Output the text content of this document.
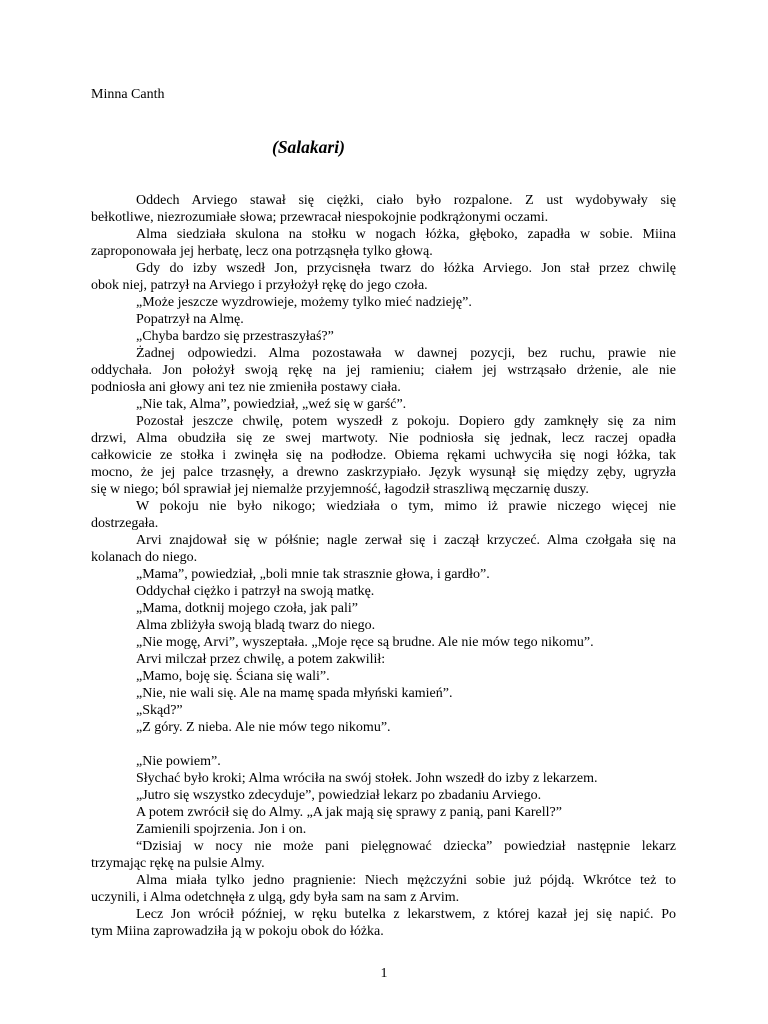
Minna Canth
(Salakari)
Oddech Arviego stawał się ciężki, ciało było rozpalone. Z ust wydobywały się
bełkotliwe, niezrozumiałe słowa; przewracał niespokojnie podkrążonymi oczami.
Alma siedziała skulona na stołku w nogach łóżka, głęboko, zapadła w sobie. Miina
zaproponowała jej herbatę, lecz ona potrząsnęła tylko głową.
Gdy do izby wszedł Jon, przycisnęła twarz do łóżka Arviego. Jon stał przez chwilę
obok niej, patrzył na Arviego i przyłożył rękę do jego czoła.
„Może jeszcze wyzdrowieje, możemy tylko mieć nadzieję”.
Popatrzył na Almę.
„Chyba bardzo się przestraszyłaś?”
Żadnej odpowiedzi. Alma pozostawała w dawnej pozycji, bez ruchu, prawie nie
oddychała. Jon położył swoją rękę na jej ramieniu; ciałem jej wstrząsało drżenie, ale nie
podniosła ani głowy ani tez nie zmieniła postawy ciała.
„Nie tak, Alma”, powiedział, „weź się w garść”.
Pozostał jeszcze chwilę, potem wyszedł z pokoju. Dopiero gdy zamknęły się za nim
drzwi, Alma obudziła się ze swej martwoty. Nie podniosła się jednak, lecz raczej opadła
całkowicie ze stołka i zwinęła się na podłodze. Obiema rękami uchwyciła się nogi łóżka, tak
mocno, że jej palce trzasnęły, a drewno zaskrzypiało. Język wysunął się między zęby, ugryzła
się w niego; ból sprawiał jej niemalże przyjemność, łagodził straszliwą męczarnię duszy.
W pokoju nie było nikogo; wiedziała o tym, mimo iż prawie niczego więcej nie
dostrzegała.
Arvi znajdował się w półśnie; nagle zerwał się i zaczął krzyczeć. Alma czołgała się na
kolanach do niego.
„Mama”, powiedział, „boli mnie tak strasznie głowa, i gardło”.
Oddychał ciężko i patrzył na swoją matkę.
„Mama, dotknij mojego czoła, jak pali”
Alma zbliżyła swoją bladą twarz do niego.
„Nie mogę, Arvi”, wyszeptała. „Moje ręce są brudne. Ale nie mów tego nikomu”.
Arvi milczał przez chwilę, a potem zakwilił:
„Mamo, boję się. Ściana się wali”.
„Nie, nie wali się. Ale na mamę spada młyński kamień”.
„Skąd?”
„Z góry. Z nieba. Ale nie mów tego nikomu”.
„Nie powiem”.
Słychać było kroki; Alma wróciła na swój stołek. John wszedł do izby z lekarzem.
„Jutro się wszystko zdecyduje”, powiedział lekarz po zbadaniu Arviego.
A potem zwrócił się do Almy. „A jak mają się sprawy z panią, pani Karell?”
Zamienili spojrzenia. Jon i on.
“Dzisiaj w nocy nie może pani pielęgnować dziecka” powiedział następnie lekarz
trzymając rękę na pulsie Almy.
Alma miała tylko jedno pragnienie: Niech mężczyźni sobie już pójdą. Wkrótce też to
uczynili, i Alma odetchnęła z ulgą, gdy była sam na sam z Arvim.
Lecz Jon wrócił później, w ręku butelka z lekarstwem, z której kazał jej się napić. Po
tym Miina zaprowadziła ją w pokoju obok do łóżka.
1
